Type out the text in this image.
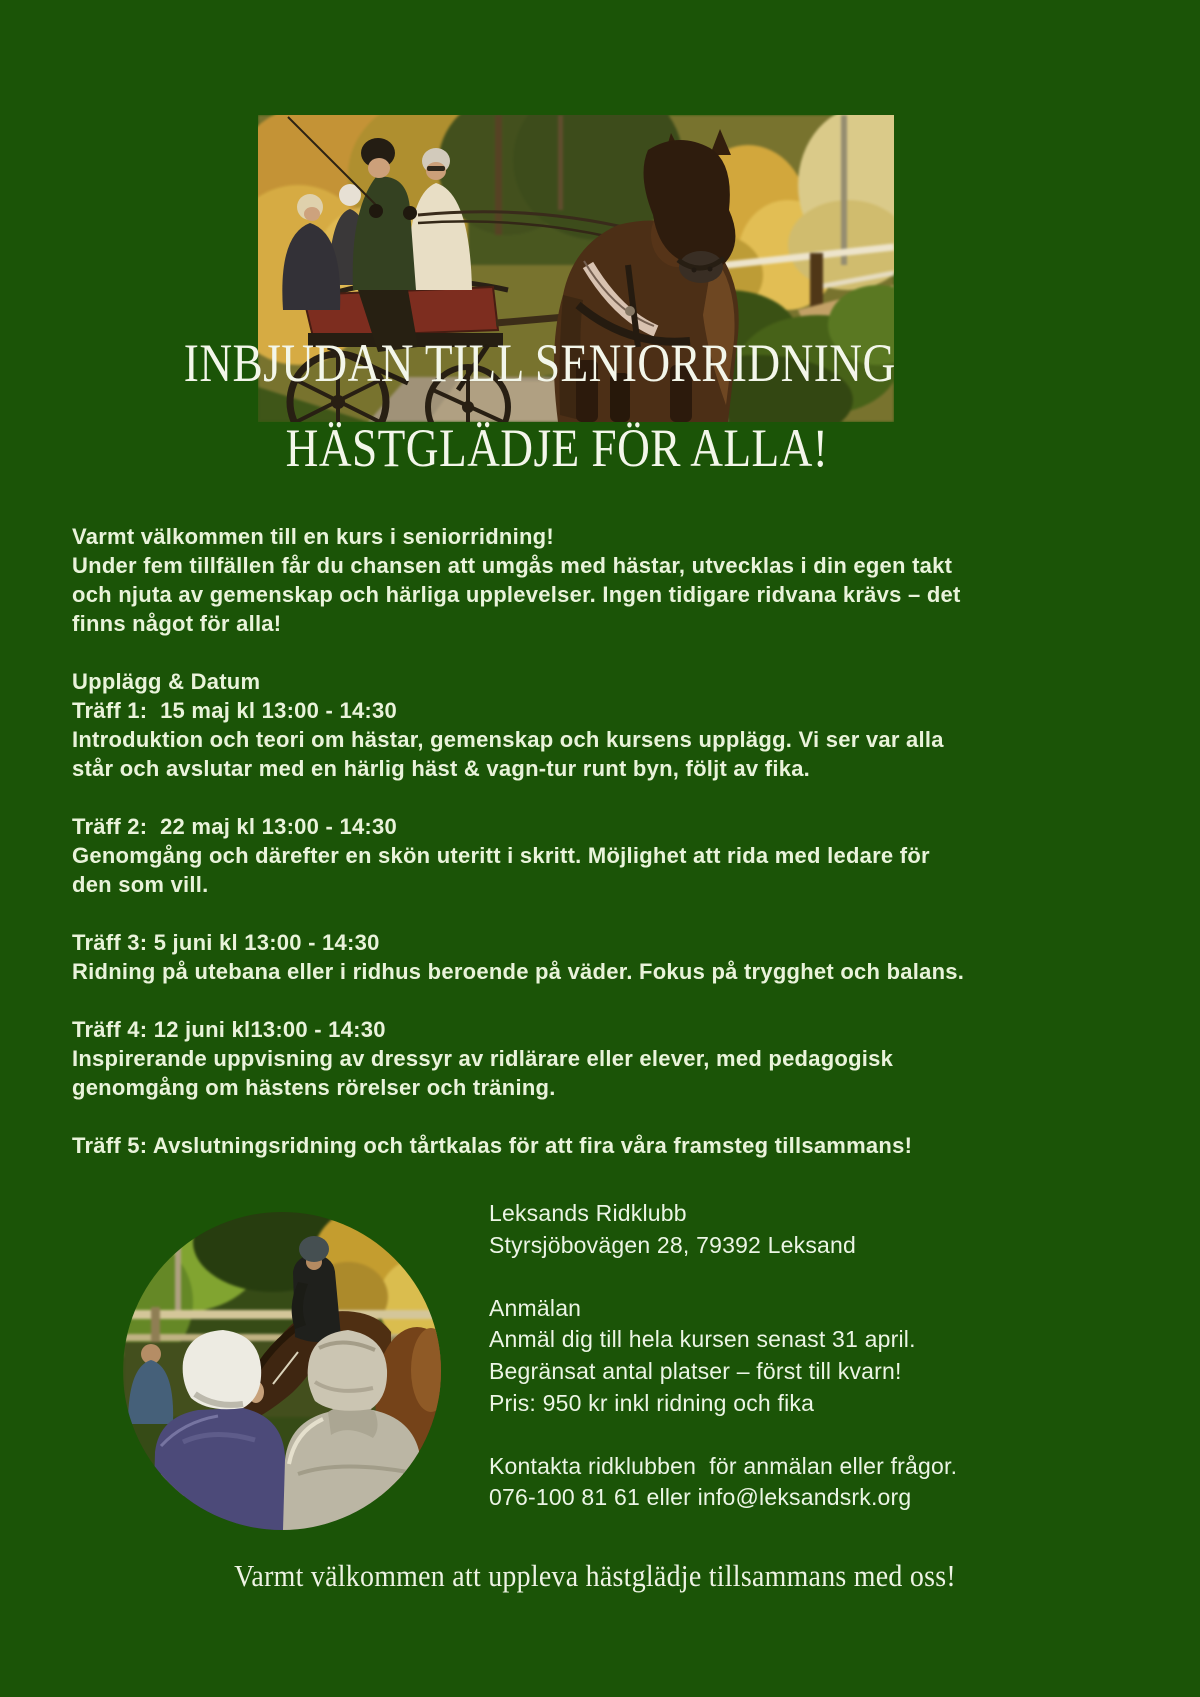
INBJUDAN TILL SENIORRIDNING
HÄSTGLÄDJE FÖR ALLA!
Varmt välkommen till en kurs i seniorridning!
Under fem tillfällen får du chansen att umgås med hästar, utvecklas i din egen takt
och njuta av gemenskap och härliga upplevelser. Ingen tidigare ridvana krävs – det
finns något för alla!
Upplägg & Datum
Träff 1:  15 maj kl 13:00 - 14:30
Introduktion och teori om hästar, gemenskap och kursens upplägg. Vi ser var alla
står och avslutar med en härlig häst & vagn-tur runt byn, följt av fika.
Träff 2:  22 maj kl 13:00 - 14:30
Genomgång och därefter en skön uteritt i skritt. Möjlighet att rida med ledare för
den som vill.
Träff 3: 5 juni kl 13:00 - 14:30
Ridning på utebana eller i ridhus beroende på väder. Fokus på trygghet och balans.
Träff 4: 12 juni kl13:00 - 14:30
Inspirerande uppvisning av dressyr av ridlärare eller elever, med pedagogisk
genomgång om hästens rörelser och träning.
Träff 5: Avslutningsridning och tårtkalas för att fira våra framsteg tillsammans!
Leksands Ridklubb
Styrsjöbovägen 28, 79392 Leksand
Anmälan
Anmäl dig till hela kursen senast 31 april.
Begränsat antal platser – först till kvarn!
Pris: 950 kr inkl ridning och fika
Kontakta ridklubben  för anmälan eller frågor.
076-100 81 61 eller info@leksandsrk.org
Varmt välkommen att uppleva hästglädje tillsammans med oss!
